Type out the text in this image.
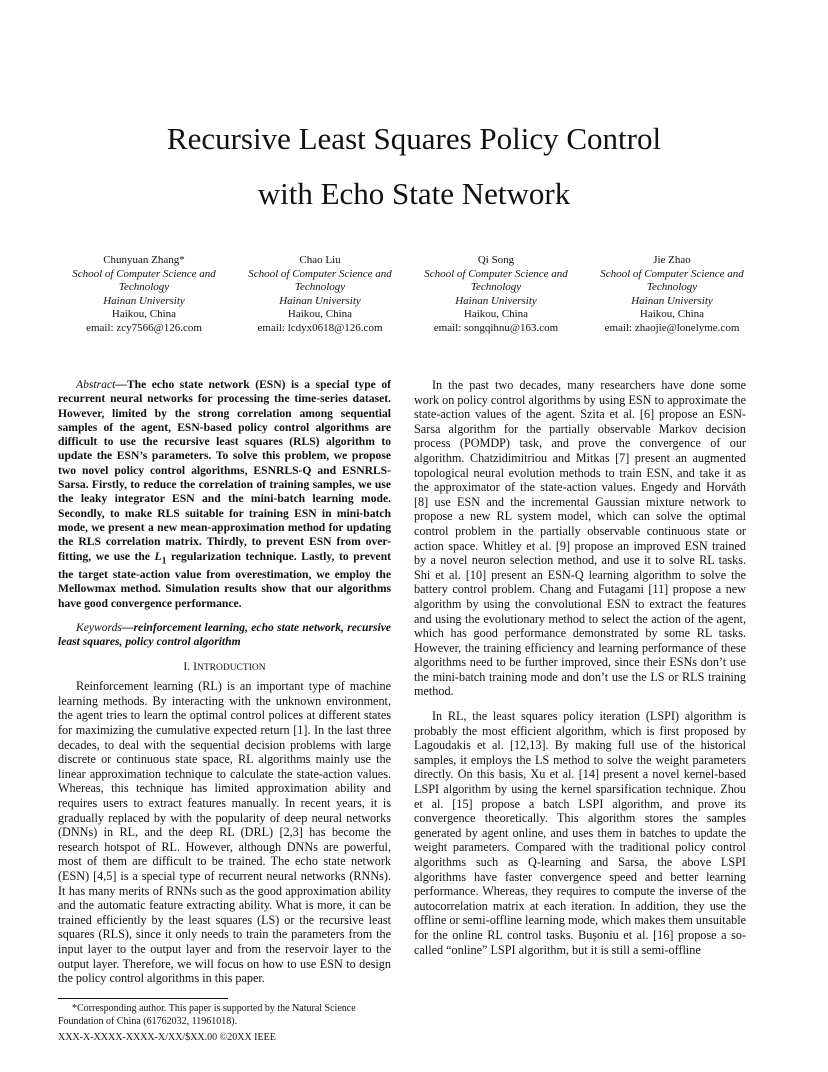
Recursive Least Squares Policy Control
with Echo State Network
Chunyuan Zhang*
School of Computer Science and
Technology
Hainan University
Haikou, China
email: zcy7566@126.com
Chao Liu
School of Computer Science and
Technology
Hainan University
Haikou, China
email: lcdyx0618@126.com
Qi Song
School of Computer Science and
Technology
Hainan University
Haikou, China
email: songqihnu@163.com
Jie Zhao
School of Computer Science and
Technology
Hainan University
Haikou, China
email: zhaojie@lonelyme.com

Abstract—The echo state network (ESN) is a special type of recurrent neural networks for processing the time-series dataset. However, limited by the strong correlation among sequential samples of the agent, ESN-based policy control algorithms are difficult to use the recursive least squares (RLS) algorithm to update the ESN’s parameters. To solve this problem, we propose two novel policy control algorithms, ESNRLS-Q and ESNRLS-Sarsa. Firstly, to reduce the correlation of training samples, we use the leaky integrator ESN and the mini-batch learning mode. Secondly, to make RLS suitable for training ESN in mini-batch mode, we present a new mean-approximation method for updating the RLS correlation matrix. Thirdly, to prevent ESN from over-fitting, we use the $L_1$ regularization technique. Lastly, to prevent the target state-action value from overestimation, we employ the Mellowmax method. Simulation results show that our algorithms have good convergence performance.

Keywords—reinforcement learning, echo state network, recursive least squares, policy control algorithm

I. INTRODUCTION

Reinforcement learning (RL) is an important type of machine learning methods. By interacting with the unknown environment, the agent tries to learn the optimal control polices at different states for maximizing the cumulative expected return [1]. In the last three decades, to deal with the sequential decision problems with large discrete or continuous state space, RL algorithms mainly use the linear approximation technique to calculate the state-action values. Whereas, this technique has limited approximation ability and requires users to extract features manually. In recent years, it is gradually replaced by with the popularity of deep neural networks (DNNs) in RL, and the deep RL (DRL) [2,3] has become the research hotspot of RL. However, although DNNs are powerful, most of them are difficult to be trained. The echo state network (ESN) [4,5] is a special type of recurrent neural networks (RNNs). It has many merits of RNNs such as the good approximation ability and the automatic feature extracting ability. What is more, it can be trained efficiently by the least squares (LS) or the recursive least squares (RLS), since it only needs to train the parameters from the input layer to the output layer and from the reservoir layer to the output layer. Therefore, we will focus on how to use ESN to design the policy control algorithms in this paper.

In the past two decades, many researchers have done some work on policy control algorithms by using ESN to approximate the state-action values of the agent. Szita et al. [6] propose an ESN-Sarsa algorithm for the partially observable Markov decision process (POMDP) task, and prove the convergence of our algorithm. Chatzidimitriou and Mitkas [7] present an augmented topological neural evolution methods to train ESN, and take it as the approximator of the state-action values. Engedy and Horváth [8] use ESN and the incremental Gaussian mixture network to propose a new RL system model, which can solve the optimal control problem in the partially observable continuous state or action space. Whitley et al. [9] propose an improved ESN trained by a novel neuron selection method, and use it to solve RL tasks. Shi et al. [10] present an ESN-Q learning algorithm to solve the battery control problem. Chang and Futagami [11] propose a new algorithm by using the convolutional ESN to extract the features and using the evolutionary method to select the action of the agent, which has good performance demonstrated by some RL tasks. However, the training efficiency and learning performance of these algorithms need to be further improved, since their ESNs don’t use the mini-batch training mode and don’t use the LS or RLS training method.

In RL, the least squares policy iteration (LSPI) algorithm is probably the most efficient algorithm, which is first proposed by Lagoudakis et al. [12,13]. By making full use of the historical samples, it employs the LS method to solve the weight parameters directly. On this basis, Xu et al. [14] present a novel kernel-based LSPI algorithm by using the kernel sparsification technique. Zhou et al. [15] propose a batch LSPI algorithm, and prove its convergence theoretically. This algorithm stores the samples generated by agent online, and uses them in batches to update the weight parameters. Compared with the traditional policy control algorithms such as Q-learning and Sarsa, the above LSPI algorithms have faster convergence speed and better learning performance. Whereas, they requires to compute the inverse of the autocorrelation matrix at each iteration. In addition, they use the offline or semi-offline learning mode, which makes them unsuitable for the online RL control tasks. Buşoniu et al. [16] propose a so-called “online” LSPI algorithm, but it is still a semi-offline

*Corresponding author. This paper is supported by the Natural Science Foundation of China (61762032, 11961018).

XXX-X-XXXX-XXXX-X/XX/$XX.00 ©20XX IEEE
